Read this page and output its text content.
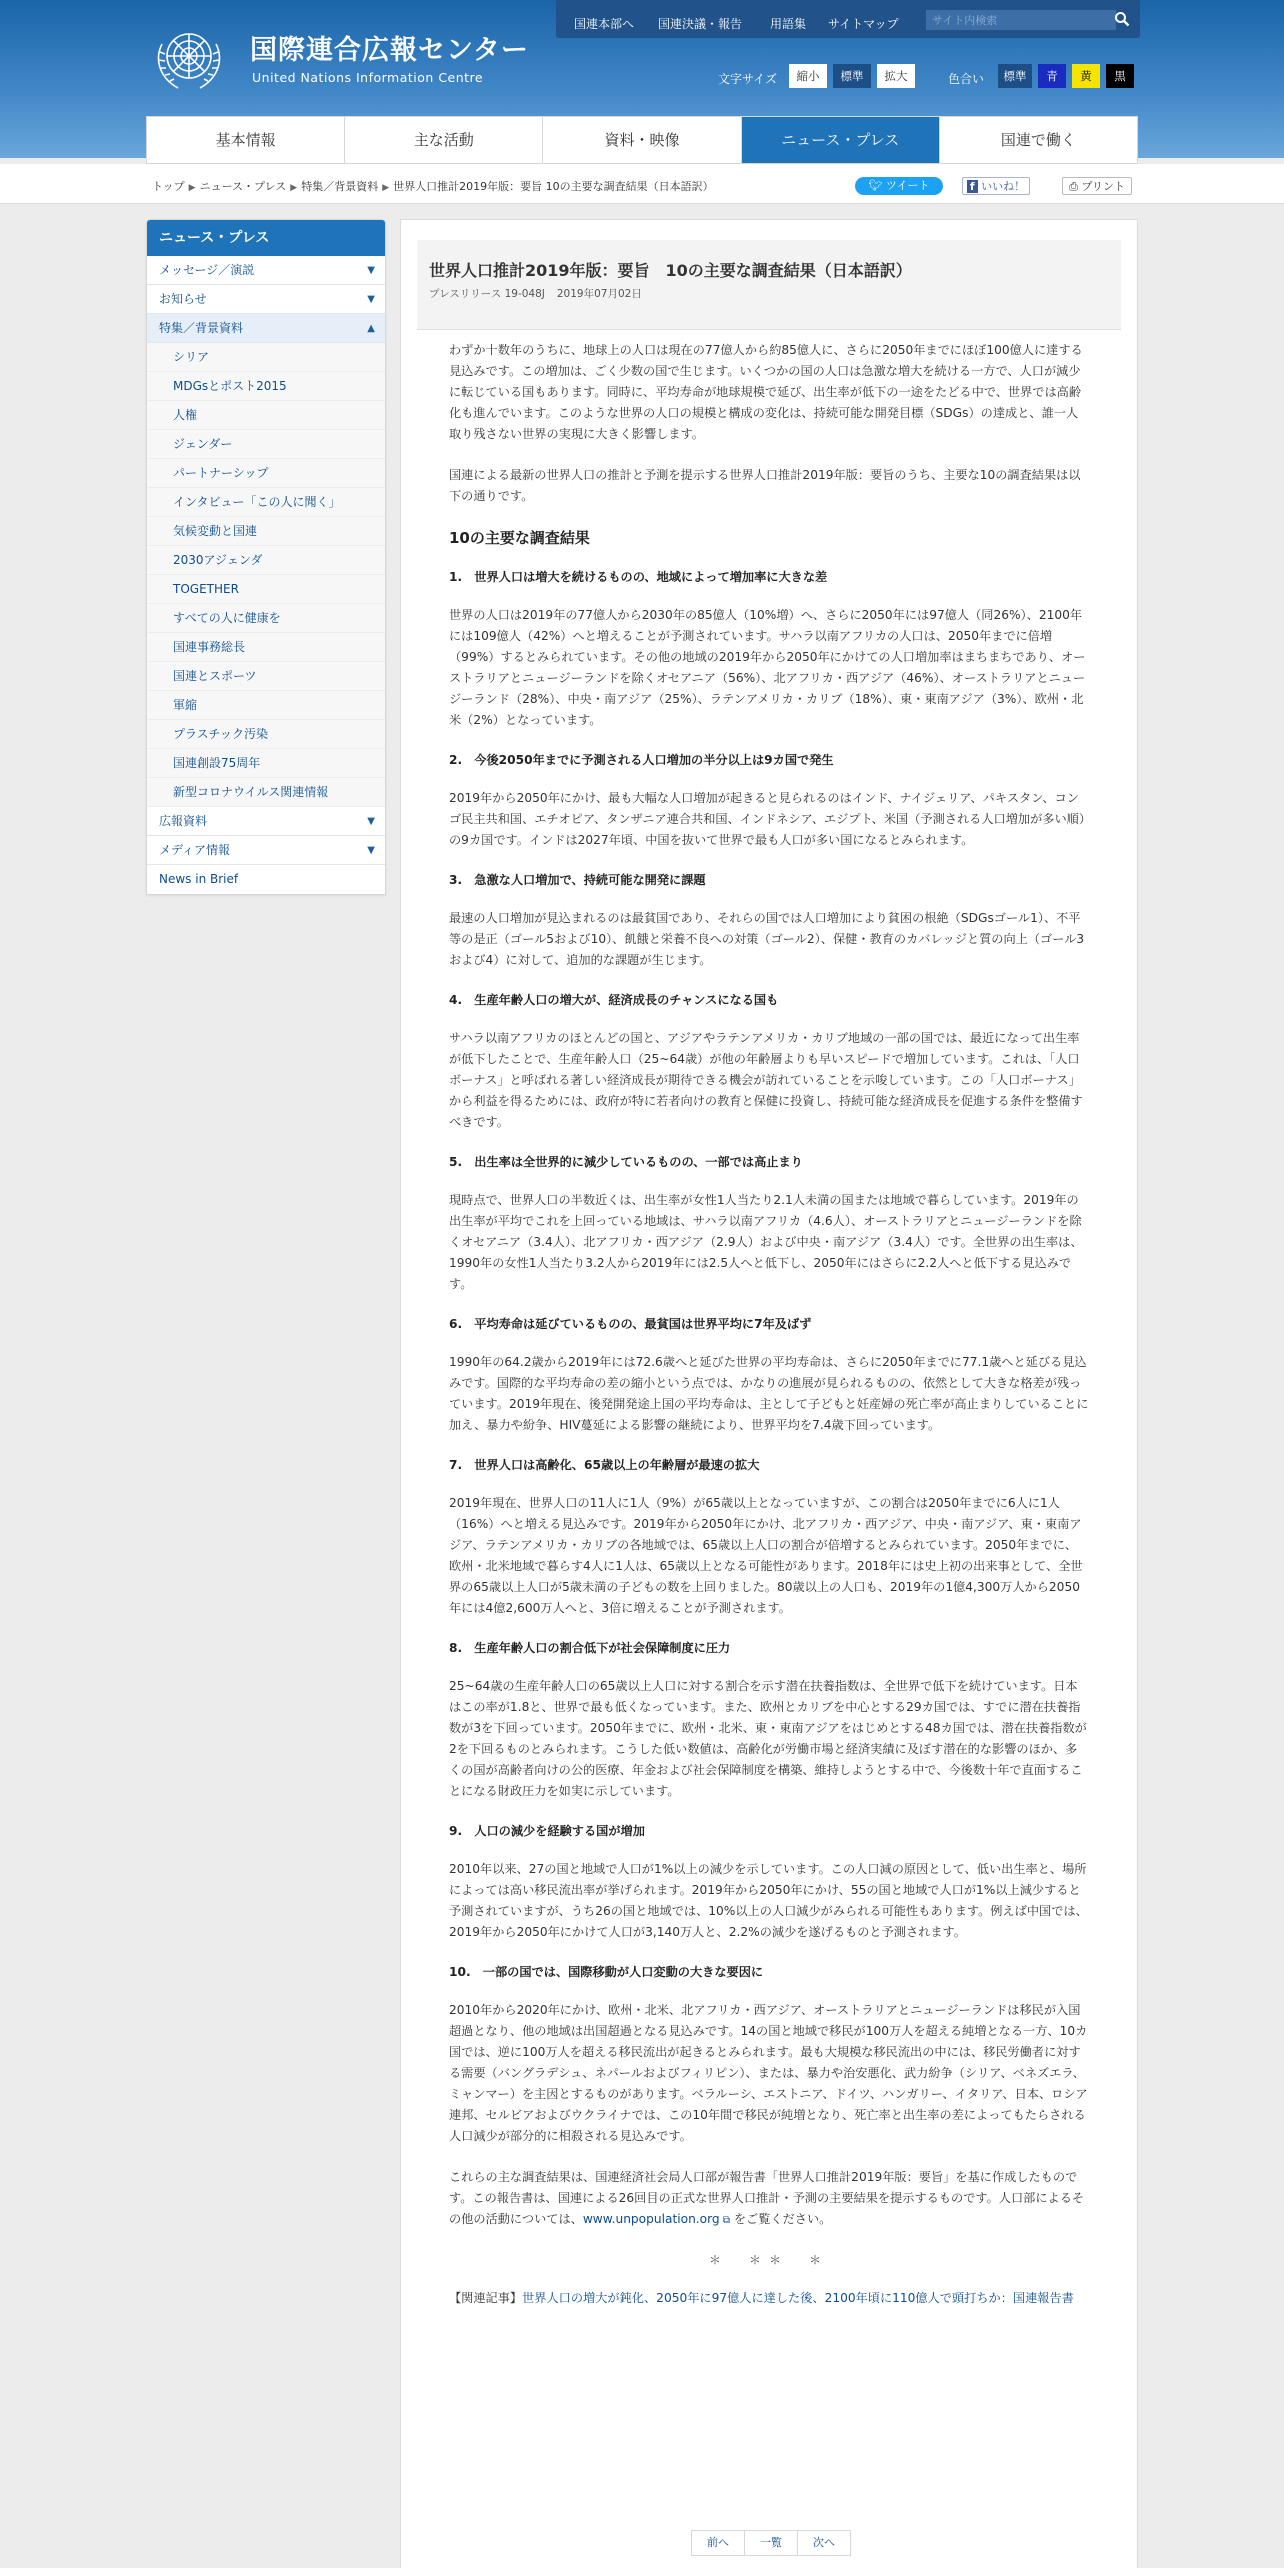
国際連合広報センター
United Nations Information Centre
国連本部へ 国連決議・報告 用語集 サイトマップ
サイト内検索
文字サイズ	縮小	標準	拡大	色合い	標準	青	黄	黒
基本情報	主な活動	資料・映像	ニュース・プレス	国連で働く
トップ ▶ ニュース・プレス ▶ 特集／背景資料 ▶ 世界人口推計2019年版：要旨 10の主要な調査結果（日本語訳）	🐦︎ ツイート	f いいね！	⎙ プリント
ニュース・プレス
メッセージ／演説	▼
お知らせ	▼
特集／背景資料	▲
シリア
MDGsとポスト2015
人権
ジェンダー
パートナーシップ
インタビュー「この人に聞く」
気候変動と国連
2030アジェンダ
TOGETHER
すべての人に健康を
国連事務総長
国連とスポーツ
軍縮
プラスチック汚染
国連創設75周年
新型コロナウイルス関連情報
広報資料	▼
メディア情報	▼
News in Brief
世界人口推計2019年版：要旨　10の主要な調査結果（日本語訳）
プレスリリース 19-048J 2019年07月02日

わずか十数年のうちに、地球上の人口は現在の77億人から約85億人に、さらに2050年までにほぼ100億人に達する見込みです。この増加は、ごく少数の国で生じます。いくつかの国の人口は急激な増大を続ける一方で、人口が減少に転じている国もあります。同時に、平均寿命が地球規模で延び、出生率が低下の一途をたどる中で、世界では高齢化も進んでいます。このような世界の人口の規模と構成の変化は、持続可能な開発目標（SDGs）の達成と、誰一人取り残さない世界の実現に大きく影響します。

国連による最新の世界人口の推計と予測を提示する世界人口推計2019年版：要旨のうち、主要な10の調査結果は以下の通りです。

10の主要な調査結果
1.　世界人口は増大を続けるものの、地域によって増加率に大きな差

世界の人口は2019年の77億人から2030年の85億人（10%増）へ、さらに2050年には97億人（同26%）、2100年には109億人（42%）へと増えることが予測されています。サハラ以南アフリカの人口は、2050年までに倍増（99%）するとみられています。その他の地域の2019年から2050年にかけての人口増加率はまちまちであり、オーストラリアとニュージーランドを除くオセアニア（56%）、北アフリカ・西アジア（46%）、オーストラリアとニュージーランド（28%）、中央・南アジア（25%）、ラテンアメリカ・カリブ（18%）、東・東南アジア（3%）、欧州・北米（2%）となっています。

2.　今後2050年までに予測される人口増加の半分以上は9カ国で発生

2019年から2050年にかけ、最も大幅な人口増加が起きると見られるのはインド、ナイジェリア、パキスタン、コンゴ民主共和国、エチオピア、タンザニア連合共和国、インドネシア、エジプト、米国（予測される人口増加が多い順）の9カ国です。インドは2027年頃、中国を抜いて世界で最も人口が多い国になるとみられます。

3.　急激な人口増加で、持続可能な開発に課題

最速の人口増加が見込まれるのは最貧国であり、それらの国では人口増加により貧困の根絶（SDGsゴール1）、不平等の是正（ゴール5および10）、飢餓と栄養不良への対策（ゴール2）、保健・教育のカバレッジと質の向上（ゴール3および4）に対して、追加的な課題が生じます。

4.　生産年齢人口の増大が、経済成長のチャンスになる国も

サハラ以南アフリカのほとんどの国と、アジアやラテンアメリカ・カリブ地域の一部の国では、最近になって出生率が低下したことで、生産年齢人口（25~64歳）が他の年齢層よりも早いスピードで増加しています。これは、「人口ボーナス」と呼ばれる著しい経済成長が期待できる機会が訪れていることを示唆しています。この「人口ボーナス」から利益を得るためには、政府が特に若者向けの教育と保健に投資し、持続可能な経済成長を促進する条件を整備すべきです。

5.　出生率は全世界的に減少しているものの、一部では高止まり

現時点で、世界人口の半数近くは、出生率が女性1人当たり2.1人未満の国または地域で暮らしています。2019年の出生率が平均でこれを上回っている地域は、サハラ以南アフリカ（4.6人）、オーストラリアとニュージーランドを除くオセアニア（3.4人）、北アフリカ・西アジア（2.9人）および中央・南アジア（3.4人）です。全世界の出生率は、1990年の女性1人当たり3.2人から2019年には2.5人へと低下し、2050年にはさらに2.2人へと低下する見込みです。

6.　平均寿命は延びているものの、最貧国は世界平均に7年及ばず

1990年の64.2歳から2019年には72.6歳へと延びた世界の平均寿命は、さらに2050年までに77.1歳へと延びる見込みです。国際的な平均寿命の差の縮小という点では、かなりの進展が見られるものの、依然として大きな格差が残っています。2019年現在、後発開発途上国の平均寿命は、主として子どもと妊産婦の死亡率が高止まりしていることに加え、暴力や紛争、HIV蔓延による影響の継続により、世界平均を7.4歳下回っています。

7.　世界人口は高齢化、65歳以上の年齢層が最速の拡大

2019年現在、世界人口の11人に1人（9%）が65歳以上となっていますが、この割合は2050年までに6人に1人（16%）へと増える見込みです。2019年から2050年にかけ、北アフリカ・西アジア、中央・南アジア、東・東南アジア、ラテンアメリカ・カリブの各地域では、65歳以上人口の割合が倍増するとみられています。2050年までに、欧州・北米地域で暮らす4人に1人は、65歳以上となる可能性があります。2018年には史上初の出来事として、全世界の65歳以上人口が5歳未満の子どもの数を上回りました。80歳以上の人口も、2019年の1億4,300万人から2050年には4億2,600万人へと、3倍に増えることが予測されます。

8.　生産年齢人口の割合低下が社会保障制度に圧力

25~64歳の生産年齢人口の65歳以上人口に対する割合を示す潜在扶養指数は、全世界で低下を続けています。日本はこの率が1.8と、世界で最も低くなっています。また、欧州とカリブを中心とする29カ国では、すでに潜在扶養指数が3を下回っています。2050年までに、欧州・北米、東・東南アジアをはじめとする48カ国では、潜在扶養指数が2を下回るものとみられます。こうした低い数値は、高齢化が労働市場と経済実績に及ぼす潜在的な影響のほか、多くの国が高齢者向けの公的医療、年金および社会保障制度を構築、維持しようとする中で、今後数十年で直面することになる財政圧力を如実に示しています。

9.　人口の減少を経験する国が増加

2010年以来、27の国と地域で人口が1%以上の減少を示しています。この人口減の原因として、低い出生率と、場所によっては高い移民流出率が挙げられます。2019年から2050年にかけ、55の国と地域で人口が1%以上減少すると予測されていますが、うち26の国と地域では、10%以上の人口減少がみられる可能性もあります。例えば中国では、2019年から2050年にかけて人口が3,140万人と、2.2%の減少を遂げるものと予測されます。

10.　一部の国では、国際移動が人口変動の大きな要因に

2010年から2020年にかけ、欧州・北米、北アフリカ・西アジア、オーストラリアとニュージーランドは移民が入国超過となり、他の地域は出国超過となる見込みです。14の国と地域で移民が100万人を超える純増となる一方、10カ国では、逆に100万人を超える移民流出が起きるとみられます。最も大規模な移民流出の中には、移民労働者に対する需要（バングラデシュ、ネパールおよびフィリピン）、または、暴力や治安悪化、武力紛争（シリア、ベネズエラ、ミャンマー）を主因とするものがあります。ベラルーシ、エストニア、ドイツ、ハンガリー、イタリア、日本、ロシア連邦、セルビアおよびウクライナでは、この10年間で移民が純増となり、死亡率と出生率の差によってもたらされる人口減少が部分的に相殺される見込みです。

これらの主な調査結果は、国連経済社会局人口部が報告書「世界人口推計2019年版：要旨」を基に作成したものです。この報告書は、国連による26回目の正式な世界人口推計・予測の主要結果を提示するものです。人口部によるその他の活動については、www.unpopulation.org ⧉ をご覧ください。

＊　＊＊　＊
【関連記事】世界人口の増大が鈍化、2050年に97億人に達した後、2100年頃に110億人で頭打ちか：国連報告書
前へ	一覧	次へ
